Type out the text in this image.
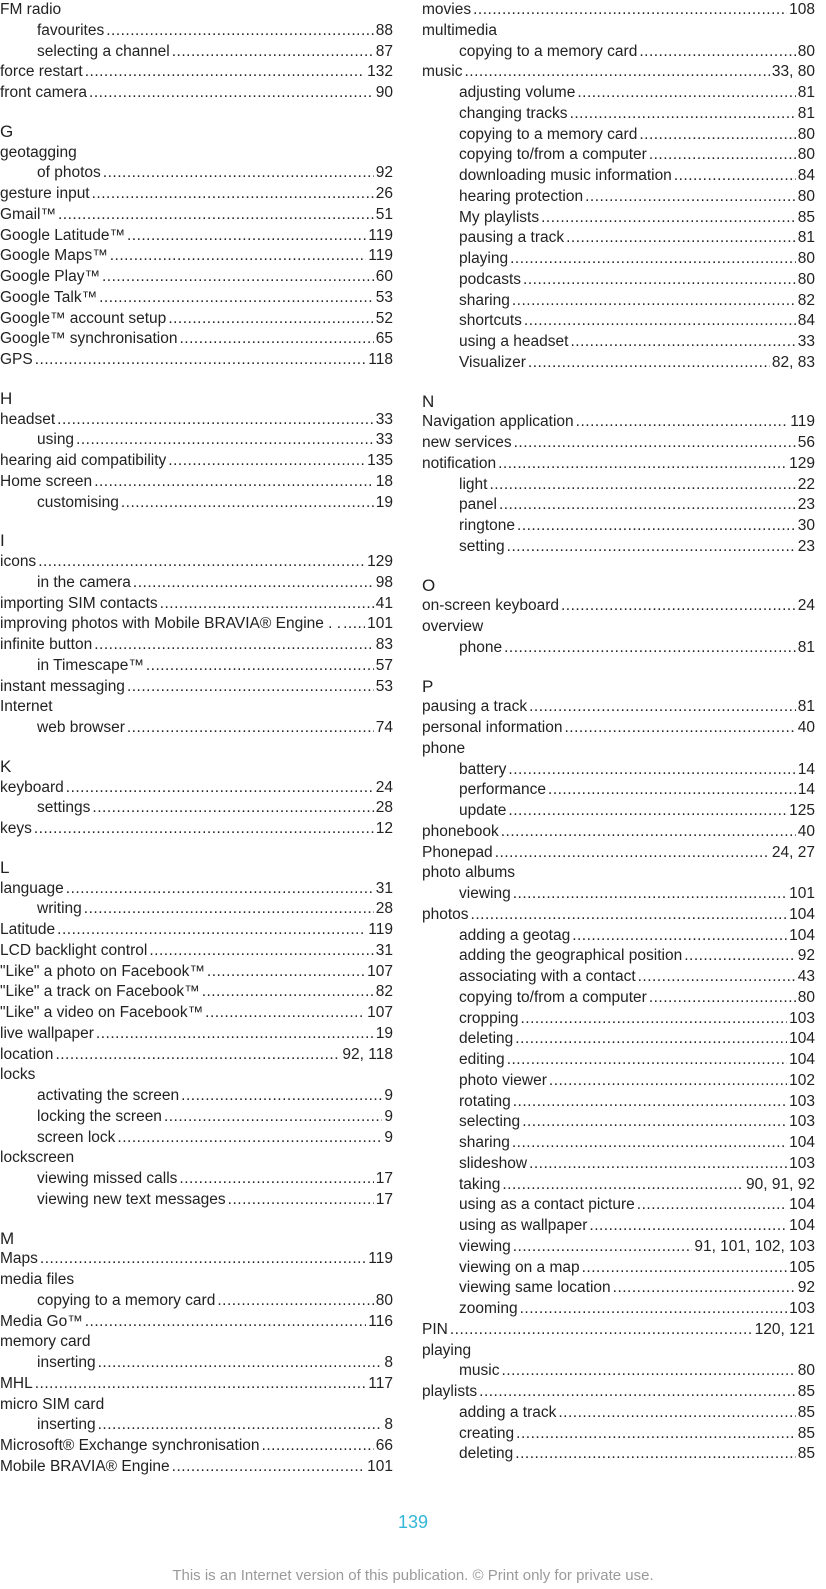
FM radio
favourites .....	88
selecting a channel .....	87
force restart .....	132
front camera .....	90
G
geotagging
of photos .....	92
gesture input .....	26
Gmail™ .....	51
Google Latitude™ .....	119
Google Maps™ .....	119
Google Play™ .....	60
Google Talk™ .....	53
Google™ account setup .....	52
Google™ synchronisation .....	65
GPS .....	118
H
headset .....	33
using .....	33
hearing aid compatibility .....	135
Home screen .....	18
customising .....	19
I
icons .....	129
in the camera .....	98
importing SIM contacts .....	41
improving photos with Mobile BRAVIA® Engine . . ..... 101
infinite button .....	83
in Timescape™ .....	57
instant messaging .....	53
Internet
web browser .....	74
K
keyboard .....	24
settings .....	28
keys .....	12
L
language .....	31
writing .....	28
Latitude .....	119
LCD backlight control .....	31
"Like" a photo on Facebook™ .....	107
"Like" a track on Facebook™ .....	82
"Like" a video on Facebook™ .....	107
live wallpaper .....	19
location .....	92, 118
locks
activating the screen .....	9
locking the screen .....	9
screen lock .....	9
lockscreen
viewing missed calls .....	17
viewing new text messages .....	17
M
Maps .....	119
media files
copying to a memory card .....	80
Media Go™ .....	116
memory card
inserting .....	8
MHL .....	117
micro SIM card
inserting .....	8
Microsoft® Exchange synchronisation .....	66
Mobile BRAVIA® Engine .....	101
movies .....	108
multimedia
copying to a memory card .....	80
music .....	33, 80
adjusting volume .....	81
changing tracks .....	81
copying to a memory card .....	80
copying to/from a computer .....	80
downloading music information .....	84
hearing protection .....	80
My playlists .....	85
pausing a track .....	81
playing .....	80
podcasts .....	80
sharing .....	82
shortcuts .....	84
using a headset .....	33
Visualizer .....	82, 83
N
Navigation application .....	119
new services .....	56
notification .....	129
light .....	22
panel .....	23
ringtone .....	30
setting .....	23
O
on-screen keyboard .....	24
overview
phone .....	81
P
pausing a track .....	81
personal information .....	40
phone
battery .....	14
performance .....	14
update .....	125
phonebook .....	40
Phonepad .....	24, 27
photo albums
viewing .....	101
photos .....	104
adding a geotag .....	104
adding the geographical position .....	92
associating with a contact .....	43
copying to/from a computer .....	80
cropping .....	103
deleting .....	104
editing .....	104
photo viewer .....	102
rotating .....	103
selecting .....	103
sharing .....	104
slideshow .....	103
taking .....	90, 91, 92
using as a contact picture .....	104
using as wallpaper .....	104
viewing .....	91, 101, 102, 103
viewing on a map .....	105
viewing same location .....	92
zooming .....	103
PIN .....	120, 121
playing
music .....	80
playlists .....	85
adding a track .....	85
creating .....	85
deleting .....	85
139
This is an Internet version of this publication. © Print only for private use.
